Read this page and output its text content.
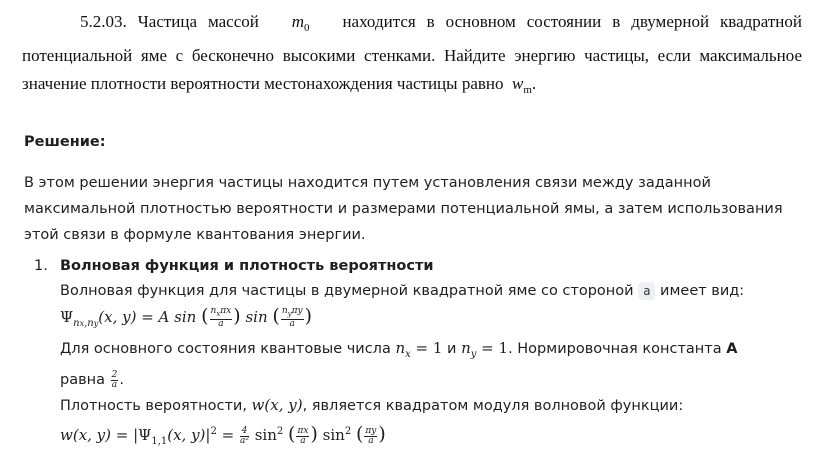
5.2.03. Частица массой $m_0$ находится в основном состоянии в двумерной квадратной потенциальной яме с бесконечно высокими стенками. Найдите энергию частицы, если максимальное значение плотности вероятности местонахождения частицы равно $w_m$.
Решение:
В этом решении энергия частицы находится путем установления связи между заданной максимальной плотностью вероятности и размерами потенциальной ямы, а затем использования этой связи в формуле квантования энергии.
1. Волновая функция и плотность вероятности
Волновая функция для частицы в двумерной квадратной яме со стороной a имеет вид:
$\Psi_{nx,ny}(x$, y) = A sin ( $\frac{n_x\pi x}{a}$ ) sin ( $\frac{n_y\pi y}{a}$ )
Для основного состояния квантовые числа $n_x = 1$ и $n_y = 1$. Нормировочная константа A
равна $\frac{2}{a}$ .
Плотность вероятности, w(x, y), является квадратом модуля волновой функции:
w(x, $y) = |\Psi_{1,1}(x$, $y)|^2 = \frac{4}{\text{a²}} \sin^2$ ( $\frac{\pi x}{a}$ ) $\sin^2$ ( $\frac{\pi y}{a}$ )
